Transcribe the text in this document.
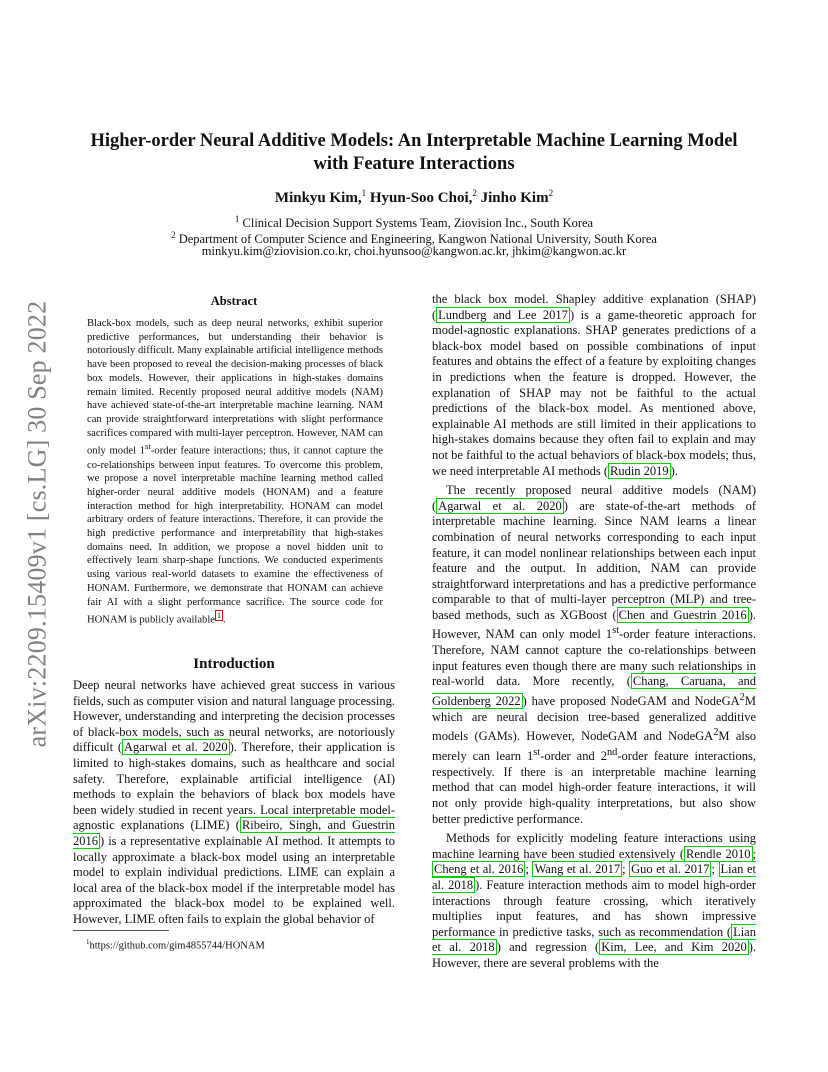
arXiv:2209.15409v1 [cs.LG] 30 Sep 2022
Higher-order Neural Additive Models: An Interpretable Machine Learning Model
with Feature Interactions
Minkyu Kim,$^1$ Hyun-Soo Choi,$^2$ Jinho Kim$^2$
$^1$ Clinical Decision Support Systems Team, Ziovision Inc., South Korea
$^2$ Department of Computer Science and Engineering, Kangwon National University, South Korea
minkyu.kim@ziovision.co.kr, choi.hyunsoo@kangwon.ac.kr, jhkim@kangwon.ac.kr
Abstract

Black-box models, such as deep neural networks, exhibit superior predictive performances, but understanding their behavior is notoriously difficult. Many explainable artificial intelligence methods have been proposed to reveal the decision-making processes of black box models. However, their applications in high-stakes domains remain limited. Recently proposed neural additive models (NAM) have achieved state-of-the-art interpretable machine learning. NAM can provide straightforward interpretations with slight performance sacrifices compared with multi-layer perceptron. However, NAM can only model 1st-order feature interactions; thus, it cannot capture the co-relationships between input features. To overcome this problem, we propose a novel interpretable machine learning method called higher-order neural additive models (HONAM) and a feature interaction method for high interpretability. HONAM can model arbitrary orders of feature interactions. Therefore, it can provide the high predictive performance and interpretability that high-stakes domains need. In addition, we propose a novel hidden unit to effectively learn sharp-shape functions. We conducted experiments using various real-world datasets to examine the effectiveness of HONAM. Furthermore, we demonstrate that HONAM can achieve fair AI with a slight performance sacrifice. The source code for HONAM is publicly available $^1$ .

Introduction

Deep neural networks have achieved great success in various fields, such as computer vision and natural language processing. However, understanding and interpreting the decision processes of black-box models, such as neural networks, are notoriously difficult ( Agarwal et al. 2020 ). Therefore, their application is limited to high-stakes domains, such as healthcare and social safety. Therefore, explainable artificial intelligence (AI) methods to explain the behaviors of black box models have been widely studied in recent years. Local interpretable model-agnostic explanations (LIME) ( Ribeiro, Singh, and Guestrin 2016 ) is a representative explainable AI method. It attempts to locally approximate a black-box model using an interpretable model to explain individual predictions. LIME can explain a local area of the black-box model if the interpretable model has approximated the black-box model to be explained well. However, LIME often fails to explain the global behavior of

the black box model. Shapley additive explanation (SHAP) ( Lundberg and Lee 2017 ) is a game-theoretic approach for model-agnostic explanations. SHAP generates predictions of a black-box model based on possible combinations of input features and obtains the effect of a feature by exploiting changes in predictions when the feature is dropped. However, the explanation of SHAP may not be faithful to the actual predictions of the black-box model. As mentioned above, explainable AI methods are still limited in their applications to high-stakes domains because they often fail to explain and may not be faithful to the actual behaviors of black-box models; thus, we need interpretable AI methods ( Rudin 2019 ).

The recently proposed neural additive models (NAM) ( Agarwal et al. 2020 ) are state-of-the-art methods of interpretable machine learning. Since NAM learns a linear combination of neural networks corresponding to each input feature, it can model nonlinear relationships between each input feature and the output. In addition, NAM can provide straightforward interpretations and has a predictive performance comparable to that of multi-layer perceptron (MLP) and tree-based methods, such as XGBoost ( Chen and Guestrin 2016 ). However, NAM can only model 1st-order feature interactions. Therefore, NAM cannot capture the co-relationships between input features even though there are many such relationships in real-world data. More recently, ( Chang, Caruana, and Goldenberg 2022 ) have proposed NodeGAM and NodeGA$^2$M which are neural decision tree-based generalized additive models (GAMs). However, NodeGAM and NodeGA$^2$M also merely can learn 1st-order and 2nd-order feature interactions, respectively. If there is an interpretable machine learning method that can model high-order feature interactions, it will not only provide high-quality interpretations, but also show better predictive performance.

Methods for explicitly modeling feature interactions using machine learning have been studied extensively ( Rendle 2010 ; Cheng et al. 2016 ; Wang et al. 2017 ; Guo et al. 2017 ; Lian et al. 2018 ). Feature interaction methods aim to model high-order interactions through feature crossing, which iteratively multiplies input features, and has shown impressive performance in predictive tasks, such as recommendation ( Lian et al. 2018 ) and regression ( Kim, Lee, and Kim 2020 ). However, there are several problems with the

$^1$https://github.com/gim4855744/HONAM
